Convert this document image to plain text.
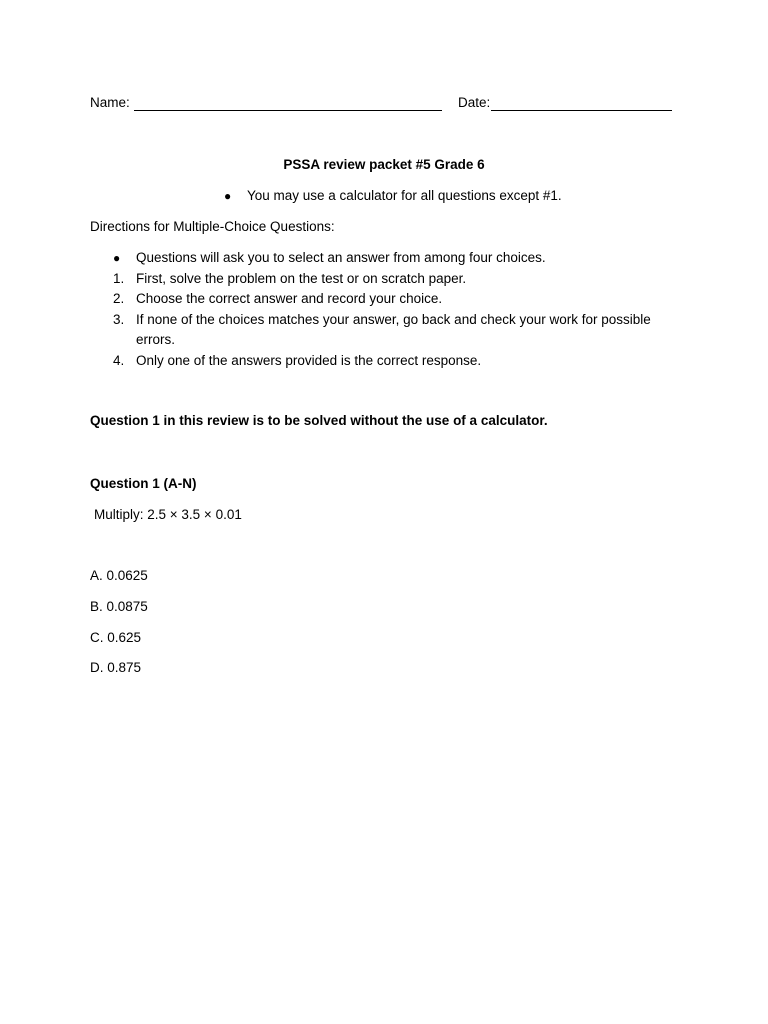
Name:	Date:
PSSA review packet #5 Grade 6
● You may use a calculator for all questions except #1.
Directions for Multiple-Choice Questions:
● Questions will ask you to select an answer from among four choices.
1. First, solve the problem on the test or on scratch paper.
2. Choose the correct answer and record your choice.
3. If none of the choices matches your answer, go back and check your work for possible
errors.
4. Only one of the answers provided is the correct response.
Question 1 in this review is to be solved without the use of a calculator.
Question 1 (A-N)
Multiply: 2.5 × 3.5 × 0.01
A. 0.0625
B. 0.0875
C. 0.625
D. 0.875
